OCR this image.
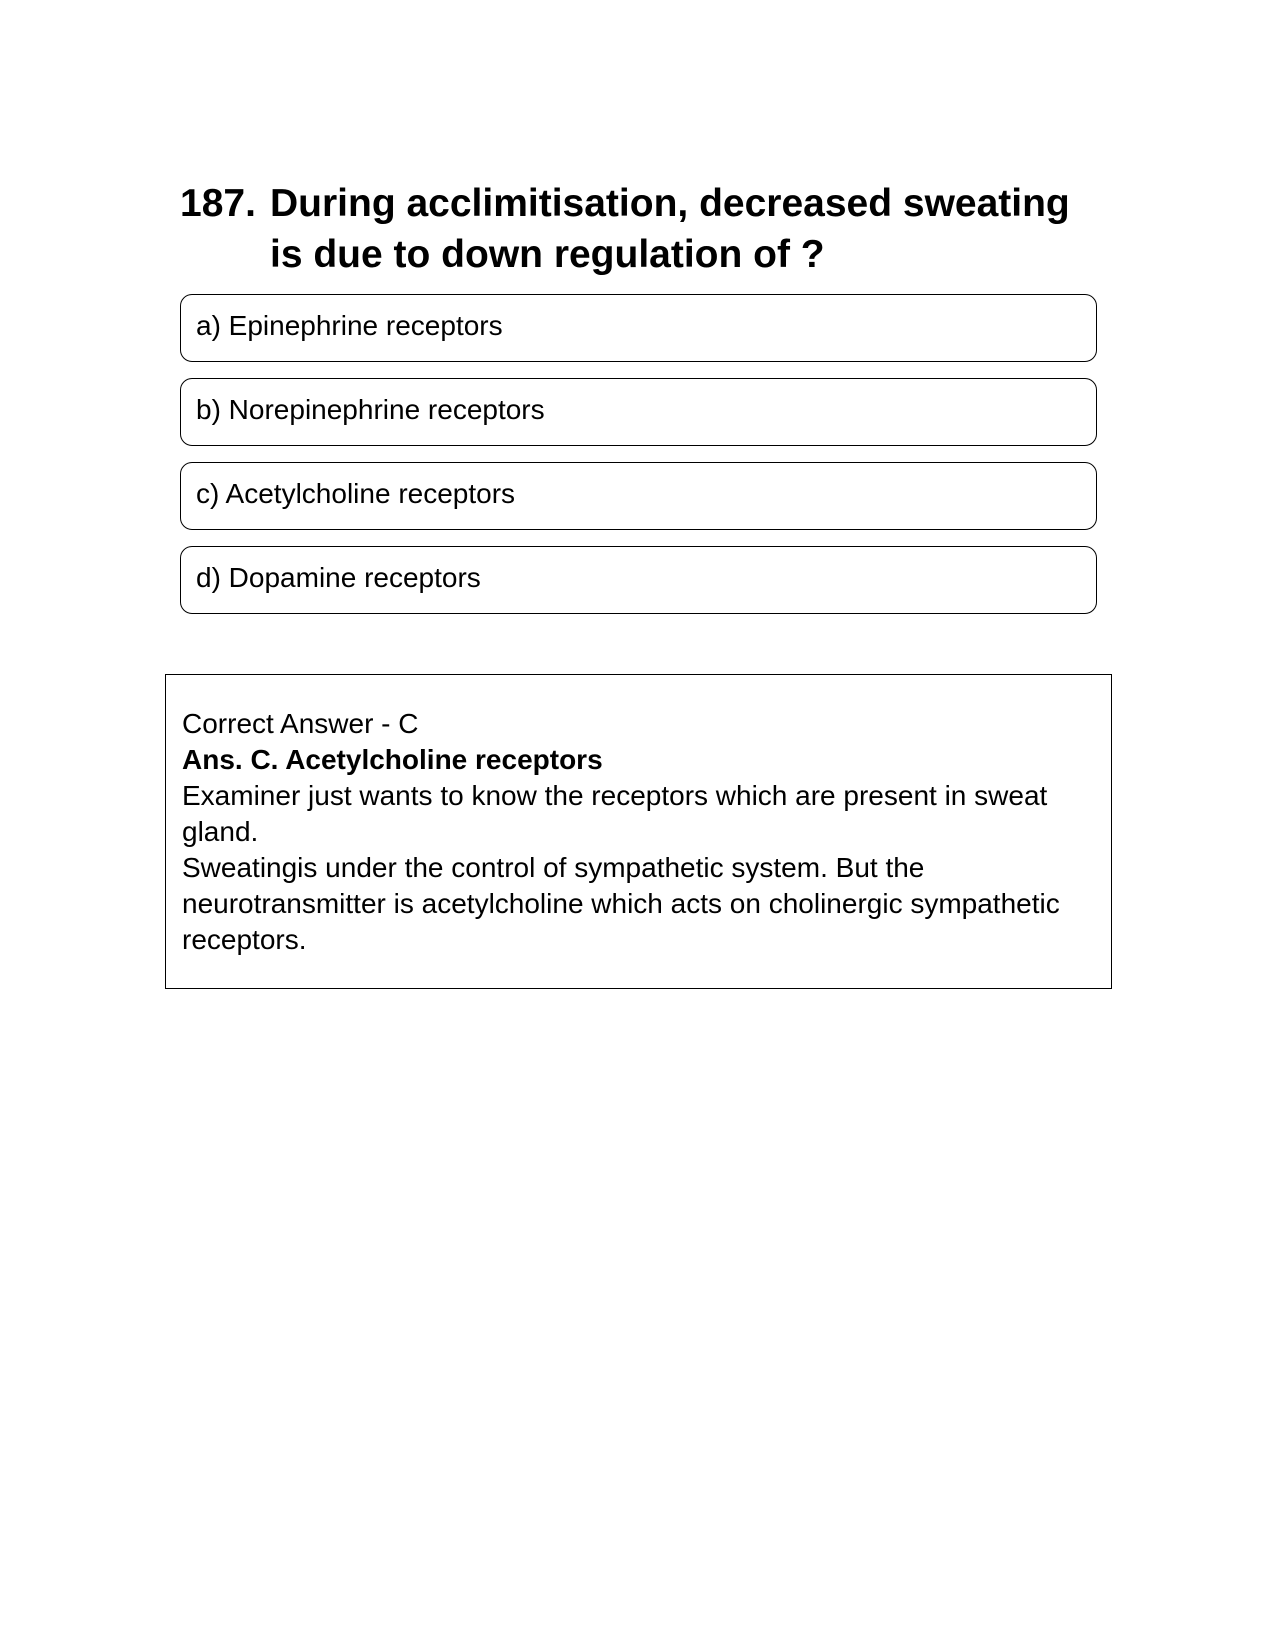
187. During acclimitisation, decreased sweating is due to down regulation of ?
a) Epinephrine receptors
b) Norepinephrine receptors
c) Acetylcholine receptors
d) Dopamine receptors

Correct Answer - C

Ans. C. Acetylcholine receptors

Examiner just wants to know the receptors which are present in sweat gland.

Sweatingis under the control of sympathetic system. But the neurotransmitter is acetylcholine which acts on cholinergic sympathetic receptors.
